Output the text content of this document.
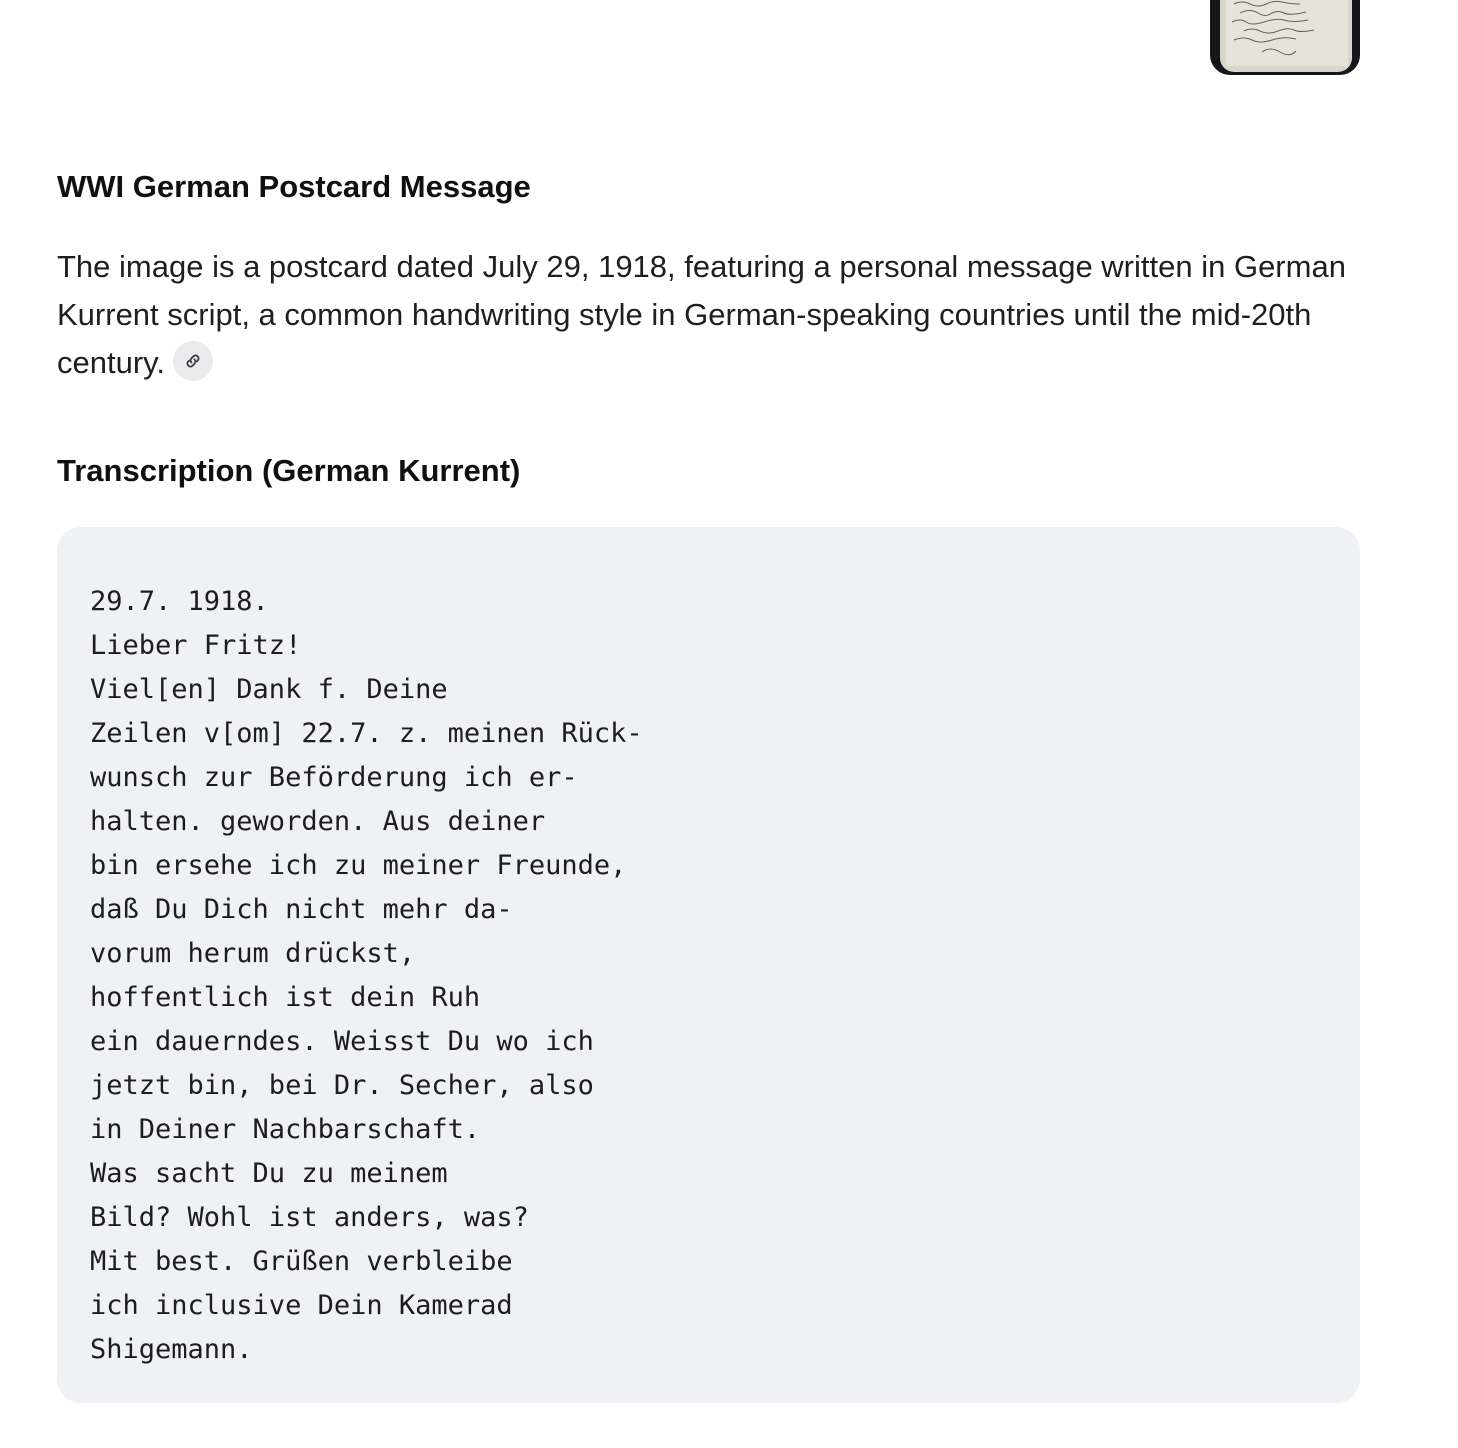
WWI German Postcard Message

The image is a postcard dated July 29, 1918, featuring a personal message written in German Kurrent script, a common handwriting style in German-speaking countries until the mid-20th century.

Transcription (German Kurrent)
29.7. 1918.
Lieber Fritz!
Viel[en] Dank f. Deine
Zeilen v[om] 22.7. z. meinen Rück-
wunsch zur Beförderung ich er-
halten. geworden. Aus deiner
bin ersehe ich zu meiner Freunde,
daß Du Dich nicht mehr da-
vorum herum drückst,
hoffentlich ist dein Ruh
ein dauerndes. Weisst Du wo ich
jetzt bin, bei Dr. Secher, also
in Deiner Nachbarschaft.
Was sacht Du zu meinem
Bild? Wohl ist anders, was?
Mit best. Grüßen verbleibe
ich inclusive Dein Kamerad
Shigemann.
